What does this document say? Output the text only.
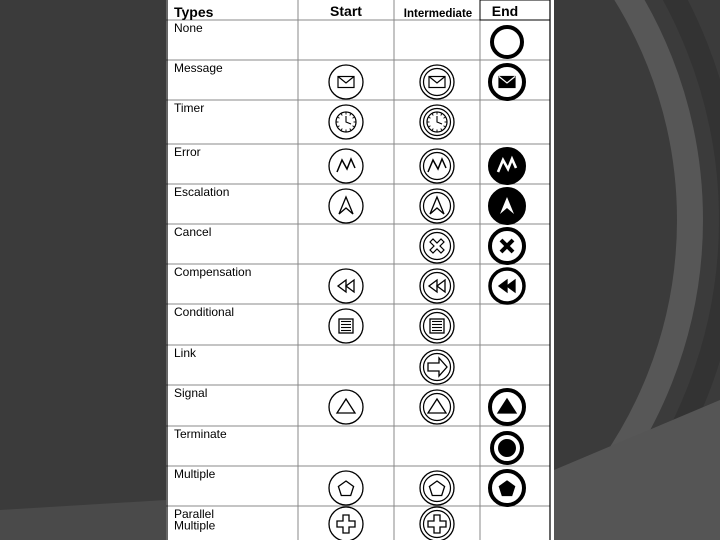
Types	Start	Intermediate End
None
Message
Timer
Error
Escalation
Cancel
Compensation
Conditional
Link
Signal
Terminate
Multiple
Parallel
Multiple
